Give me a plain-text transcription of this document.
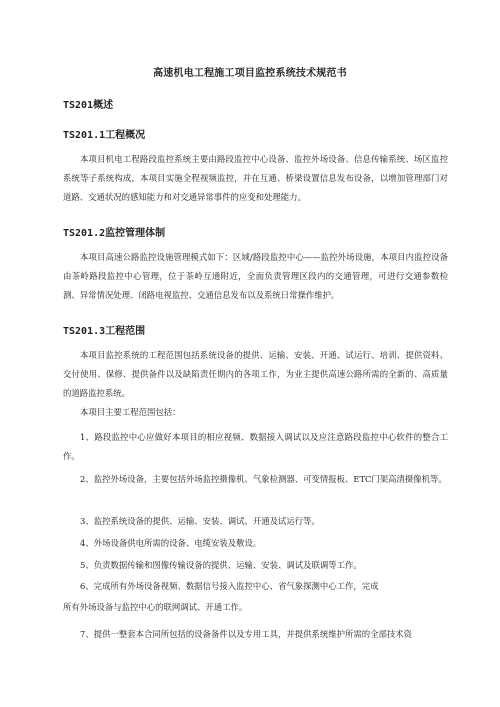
高速机电工程施工项目监控系统技术规范书
TS201概述
TS201.1工程概况
本项目机电工程路段监控系统主要由路段监控中心设备、监控外场设备、信息传输系统、场区监控系统等子系统构成，本项目实施全程视频监控，并在互通、桥梁设置信息发布设备，以增加管理部门对道路、交通状况的感知能力和对交通异常事件的应变和处理能力。
TS201.2监控管理体制
本项目高速公路监控设施管理模式如下：区域/路段监控中心——监控外场设施，本项目内监控设备由茶岭路段监控中心管理，位于茶岭互通附近，全面负责管理区段内的交通管理，可进行交通参数检测、异常情况处理、闭路电视监控、交通信息发布以及系统日常操作维护。
TS201.3工程范围
本项目监控系统的工程范围包括系统设备的提供、运输、安装、开通、试运行、培训、提供资料、交付使用、保修、提供备件以及缺陷责任期内的各项工作，为业主提供高速公路所需的全新的、高质量的道路监控系统。
本项目主要工程范围包括：
1、路段监控中心应做好本项目的相应视频、数据接入调试以及应注意路段监控中心软件的整合工作。
2、监控外场设备，主要包括外场监控摄像机、气象检测器、可变情报板、ETC门架高清摄像机等。
3、监控系统设备的提供、运输、安装、调试、开通及试运行等。
4、外场设备供电所需的设备、电缆安装及敷设。
5、负责数据传输和图像传输设备的提供、运输、安装、调试及联调等工作。
6、完成所有外场设备视频、数据信号接入监控中心、省气象探测中心工作，完成
所有外场设备与监控中心的联网调试、开通工作。
7、提供一整套本合同所包括的设备备件以及专用工具，并提供系统维护所需的全部技术资
